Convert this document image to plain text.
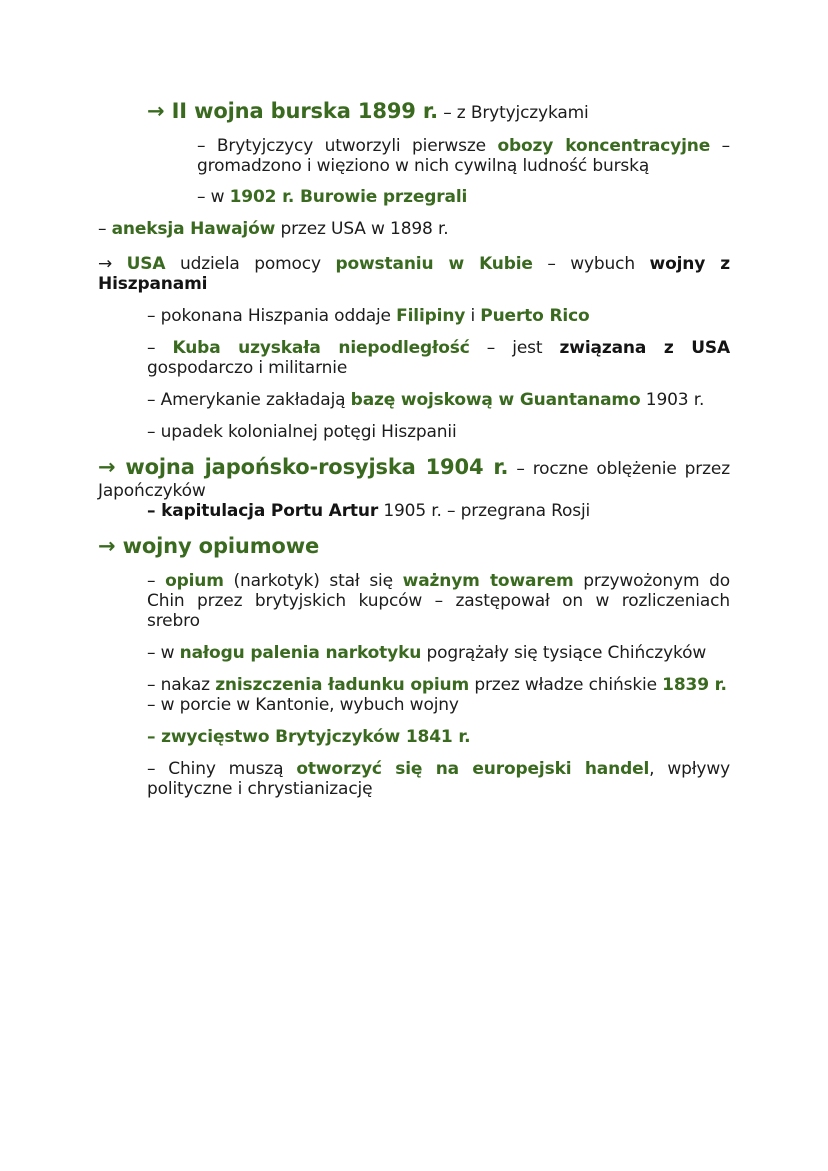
→ II wojna burska 1899 r. – z Brytyjczykami
– Brytyjczycy utworzyli pierwsze obozy koncentracyjne –
gromadzono i więziono w nich cywilną ludność burską
– w 1902 r. Burowie przegrali
– aneksja Hawajów przez USA w 1898 r.
→ USA udziela pomocy powstaniu w Kubie – wybuch wojny z
Hiszpanami
– pokonana Hiszpania oddaje Filipiny i Puerto Rico
– Kuba uzyskała niepodległość – jest związana z USA
gospodarczo i militarnie
– Amerykanie zakładają bazę wojskową w Guantanamo 1903 r.
– upadek kolonialnej potęgi Hiszpanii
→ wojna japońsko-rosyjska 1904 r. – roczne oblężenie przez
Japończyków
– kapitulacja Portu Artur 1905 r. – przegrana Rosji
→ wojny opiumowe
– opium (narkotyk) stał się ważnym towarem przywożonym do
Chin przez brytyjskich kupców – zastępował on w rozliczeniach
srebro
– w nałogu palenia narkotyku pogrążały się tysiące Chińczyków
– nakaz zniszczenia ładunku opium przez władze chińskie 1839 r.
– w porcie w Kantonie, wybuch wojny
– zwycięstwo Brytyjczyków 1841 r.
– Chiny muszą otworzyć się na europejski handel, wpływy
polityczne i chrystianizację
